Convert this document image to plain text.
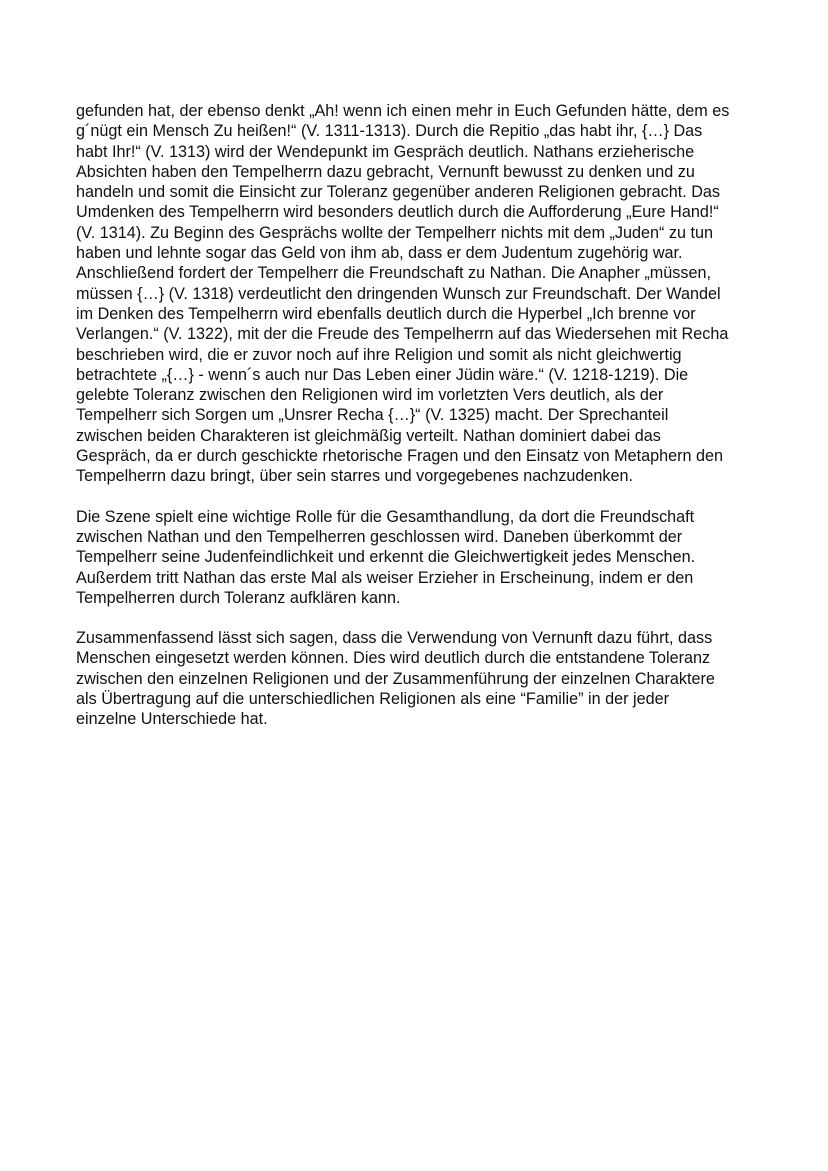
gefunden hat, der ebenso denkt „Ah! wenn ich einen mehr in Euch Gefunden hätte, dem es
g´nügt ein Mensch Zu heißen!“ (V. 1311-1313). Durch die Repitio „das habt ihr, {…} Das
habt Ihr!“ (V. 1313) wird der Wendepunkt im Gespräch deutlich. Nathans erzieherische
Absichten haben den Tempelherrn dazu gebracht, Vernunft bewusst zu denken und zu
handeln und somit die Einsicht zur Toleranz gegenüber anderen Religionen gebracht. Das
Umdenken des Tempelherrn wird besonders deutlich durch die Aufforderung „Eure Hand!“
(V. 1314). Zu Beginn des Gesprächs wollte der Tempelherr nichts mit dem „Juden“ zu tun
haben und lehnte sogar das Geld von ihm ab, dass er dem Judentum zugehörig war.
Anschließend fordert der Tempelherr die Freundschaft zu Nathan. Die Anapher „müssen,
müssen {…} (V. 1318) verdeutlicht den dringenden Wunsch zur Freundschaft. Der Wandel
im Denken des Tempelherrn wird ebenfalls deutlich durch die Hyperbel „Ich brenne vor
Verlangen.“ (V. 1322), mit der die Freude des Tempelherrn auf das Wiedersehen mit Recha
beschrieben wird, die er zuvor noch auf ihre Religion und somit als nicht gleichwertig
betrachtete „{…} - wenn´s auch nur Das Leben einer Jüdin wäre.“ (V. 1218-1219). Die
gelebte Toleranz zwischen den Religionen wird im vorletzten Vers deutlich, als der
Tempelherr sich Sorgen um „Unsrer Recha {…}“ (V. 1325) macht. Der Sprechanteil
zwischen beiden Charakteren ist gleichmäßig verteilt. Nathan dominiert dabei das
Gespräch, da er durch geschickte rhetorische Fragen und den Einsatz von Metaphern den
Tempelherrn dazu bringt, über sein starres und vorgegebenes nachzudenken.

Die Szene spielt eine wichtige Rolle für die Gesamthandlung, da dort die Freundschaft
zwischen Nathan und den Tempelherren geschlossen wird. Daneben überkommt der
Tempelherr seine Judenfeindlichkeit und erkennt die Gleichwertigkeit jedes Menschen.
Außerdem tritt Nathan das erste Mal als weiser Erzieher in Erscheinung, indem er den
Tempelherren durch Toleranz aufklären kann.

Zusammenfassend lässt sich sagen, dass die Verwendung von Vernunft dazu führt, dass
Menschen eingesetzt werden können. Dies wird deutlich durch die entstandene Toleranz
zwischen den einzelnen Religionen und der Zusammenführung der einzelnen Charaktere
als Übertragung auf die unterschiedlichen Religionen als eine “Familie” in der jeder
einzelne Unterschiede hat.
